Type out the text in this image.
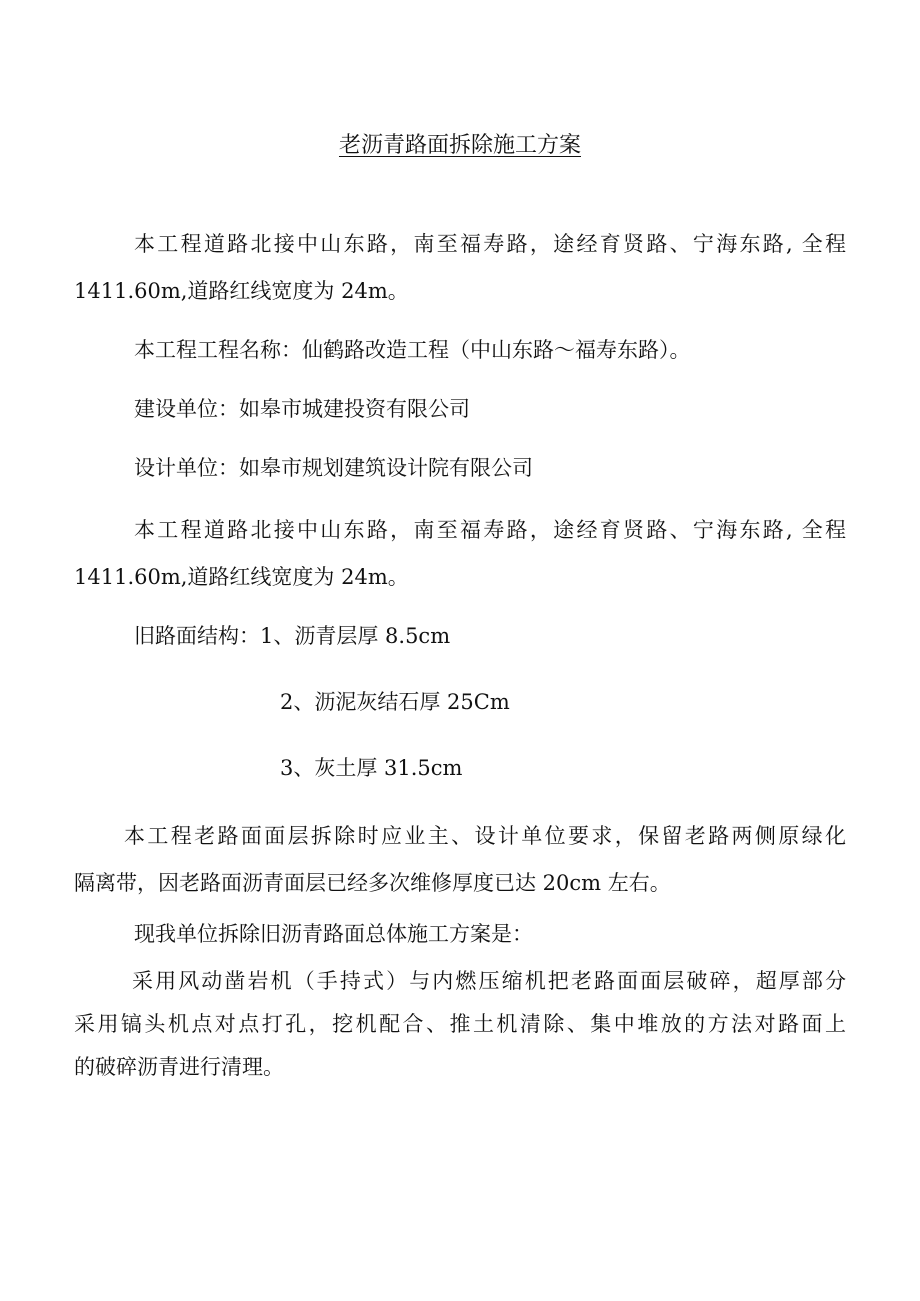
老沥青路面拆除施工方案
本工程道路北接中山东路，南至福寿路，途经育贤路、宁海东路, 全程
1411.60m,道路红线宽度为 24m。
本工程工程名称：仙鹤路改造工程（中山东路～福寿东路）。
建设单位：如皋市城建投资有限公司
设计单位：如皋市规划建筑设计院有限公司
本工程道路北接中山东路，南至福寿路，途经育贤路、宁海东路, 全程
1411.60m,道路红线宽度为 24m。
旧路面结构：1、沥青层厚 8.5cm
2、沥泥灰结石厚 25Cm
3、灰土厚 31.5cm
本工程老路面面层拆除时应业主、设计单位要求，保留老路两侧原绿化
隔离带，因老路面沥青面层已经多次维修厚度已达 20cm 左右。
现我单位拆除旧沥青路面总体施工方案是：
采用风动凿岩机（手持式）与内燃压缩机把老路面面层破碎，超厚部分
采用镐头机点对点打孔，挖机配合、推土机清除、集中堆放的方法对路面上
的破碎沥青进行清理。
